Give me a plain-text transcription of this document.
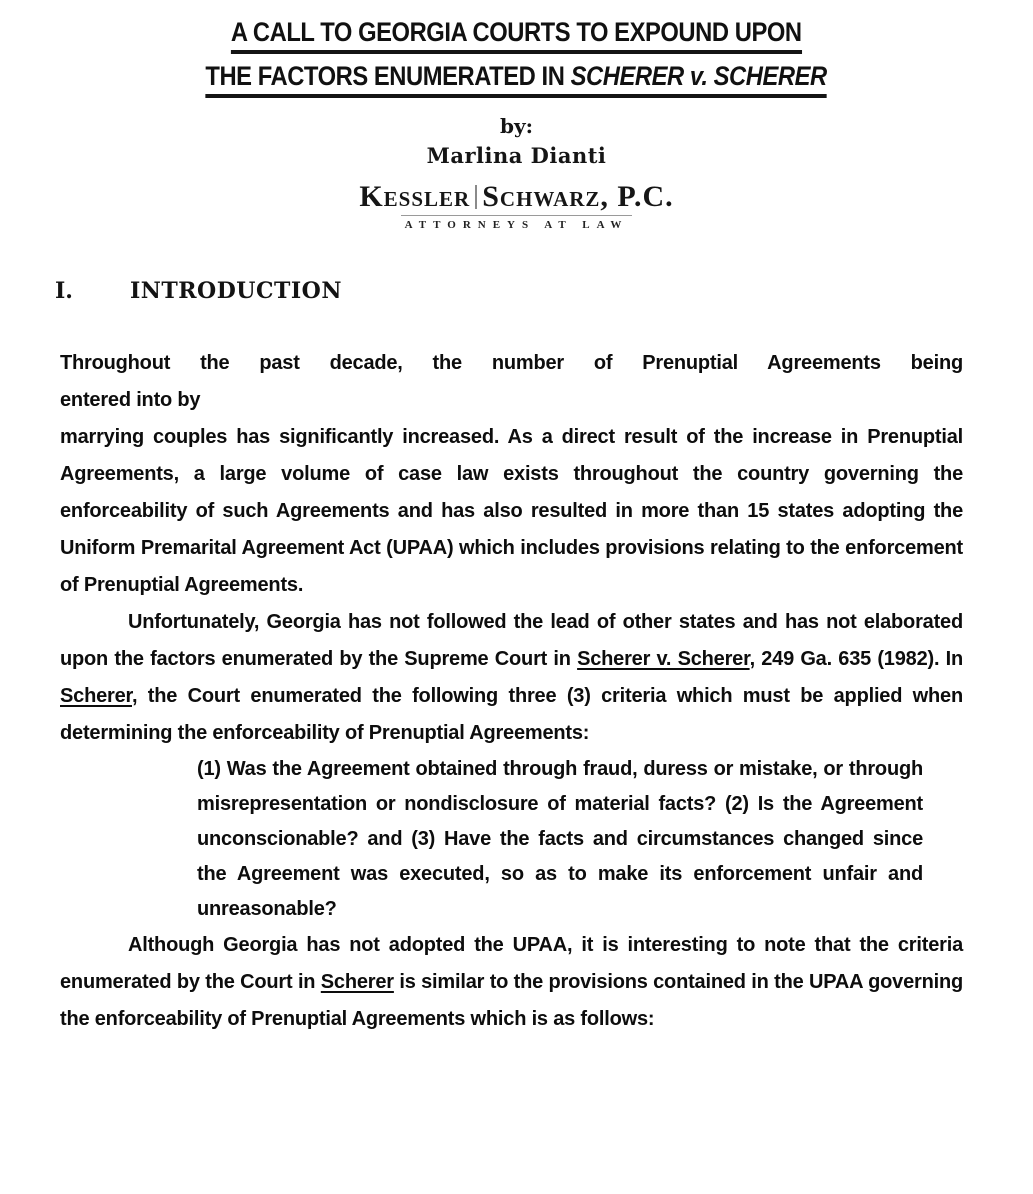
A CALL TO GEORGIA COURTS TO EXPOUND UPON
THE FACTORS ENUMERATED IN SCHERER v. SCHERER
by:
Marlina Dianti
Kessler Schwarz, P.C.
ATTORNEYS AT LAW
I.	INTRODUCTION

Throughout the past decade, the number of Prenuptial Agreements being
entered into by

marrying couples has significantly increased. As a direct result of the increase in Prenuptial Agreements, a large volume of case law exists throughout the country governing the enforceability of such Agreements and has also resulted in more than 15 states adopting the Uniform Premarital Agreement Act (UPAA) which includes provisions relating to the enforcement of Prenuptial Agreements.

Unfortunately, Georgia has not followed the lead of other states and has not elaborated upon the factors enumerated by the Supreme Court in Scherer v. Scherer, 249 Ga. 635 (1982). In Scherer, the Court enumerated the following three (3) criteria which must be applied when determining the enforceability of Prenuptial Agreements:

(1) Was the Agreement obtained through fraud, duress or mistake, or through misrepresentation or nondisclosure of material facts? (2) Is the Agreement unconscionable? and (3) Have the facts and circumstances changed since the Agreement was executed, so as to make its enforcement unfair and unreasonable?

Although Georgia has not adopted the UPAA, it is interesting to note that the criteria enumerated by the Court in Scherer is similar to the provisions contained in the UPAA governing the enforceability of Prenuptial Agreements which is as follows:
